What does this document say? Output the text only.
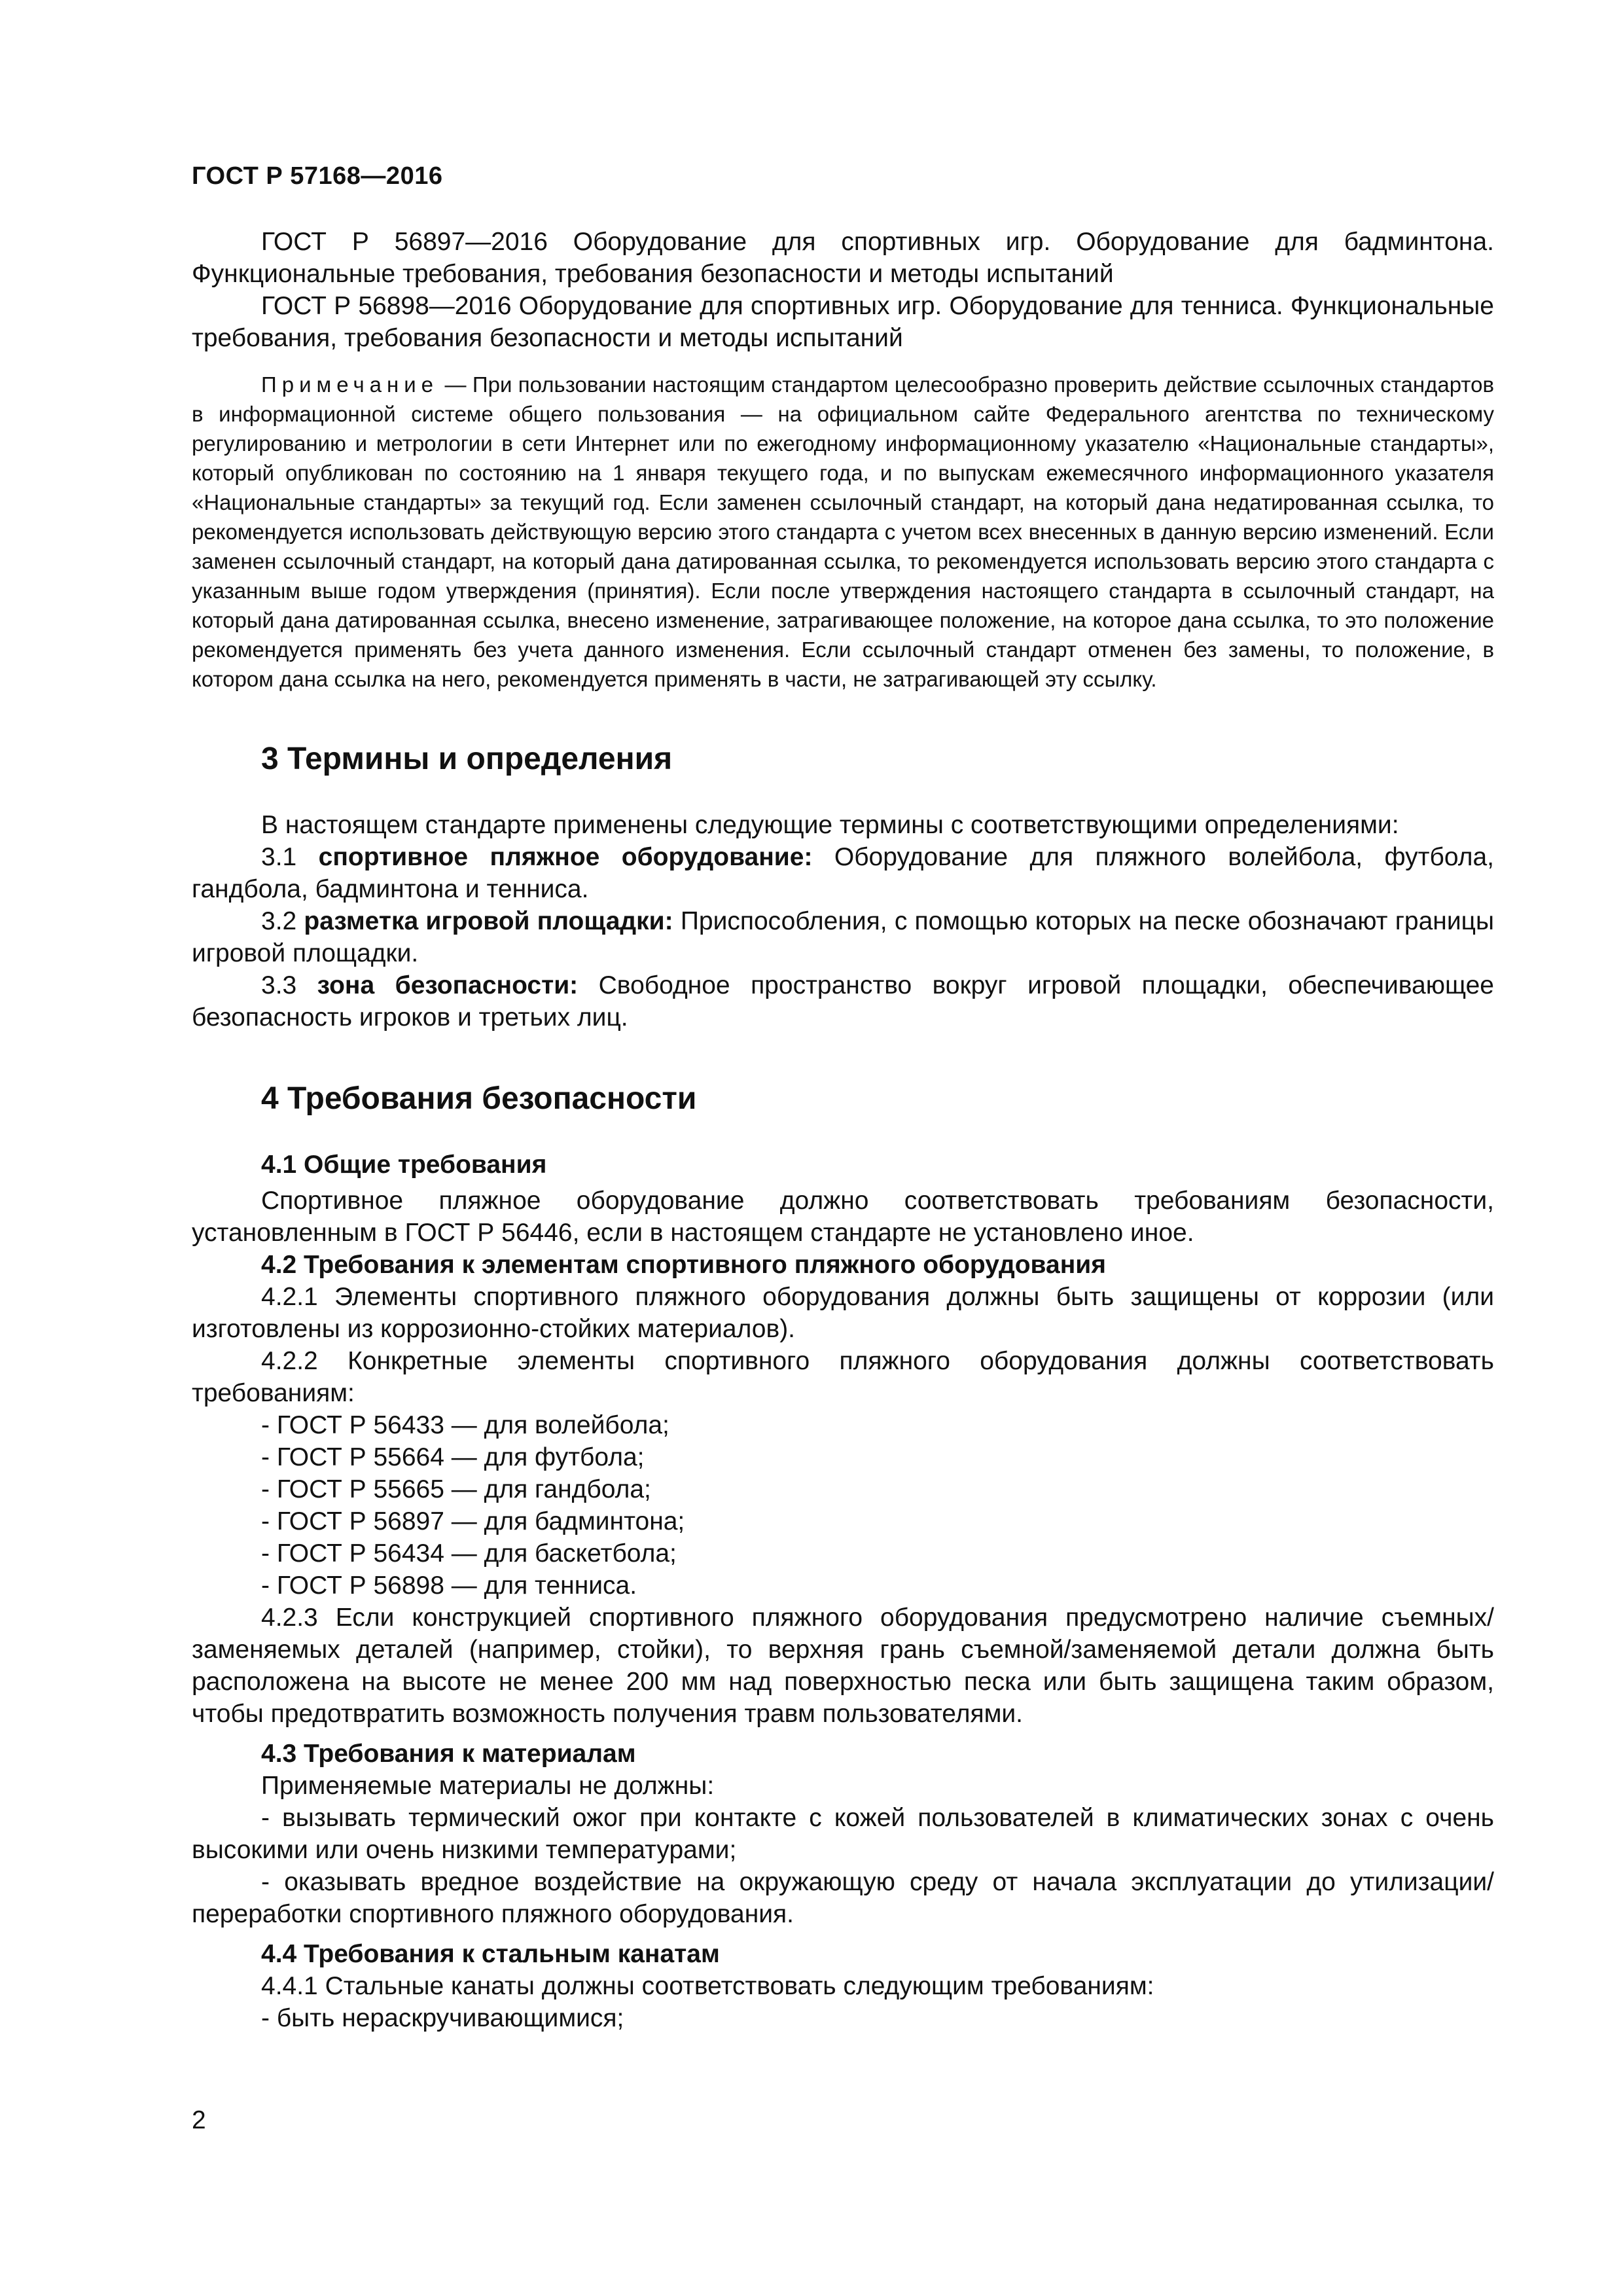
ГОСТ Р 57168—2016

ГОСТ Р 56897—2016 Оборудование для спортивных игр. Оборудование для бадминтона. Функциональные требования, требования безопасности и методы испытаний

ГОСТ Р 56898—2016 Оборудование для спортивных игр. Оборудование для тенниса. Функциональные требования, требования безопасности и методы испытаний

Примечание — При пользовании настоящим стандартом целесообразно проверить действие ссылочных стандартов в информационной системе общего пользования — на официальном сайте Федерального агентства по техническому регулированию и метрологии в сети Интернет или по ежегодному информационному указателю «Национальные стандарты», который опубликован по состоянию на 1 января текущего года, и по выпускам ежемесячного информационного указателя «Национальные стандарты» за текущий год. Если заменен ссылочный стандарт, на который дана недатированная ссылка, то рекомендуется использовать действующую версию этого стандарта с учетом всех внесенных в данную версию изменений. Если заменен ссылочный стандарт, на который дана датированная ссылка, то рекомендуется использовать версию этого стандарта с указанным выше годом утверждения (принятия). Если после утверждения настоящего стандарта в ссылочный стандарт, на который дана датированная ссылка, внесено изменение, затрагивающее положение, на которое дана ссылка, то это положение рекомендуется применять без учета данного изменения. Если ссылочный стандарт отменен без замены, то положение, в котором дана ссылка на него, рекомендуется применять в части, не затрагивающей эту ссылку.

3 Термины и определения

В настоящем стандарте применены следующие термины с соответствующими определениями:

3.1 спортивное пляжное оборудование: Оборудование для пляжного волейбола, футбола, гандбола, бадминтона и тенниса.

3.2 разметка игровой площадки: Приспособления, с помощью которых на песке обозначают границы игровой площадки.

3.3 зона безопасности: Свободное пространство вокруг игровой площадки, обеспечивающее безопасность игроков и третьих лиц.

4 Требования безопасности

4.1 Общие требования

Спортивное пляжное оборудование должно соответствовать требованиям безопасности, установленным в ГОСТ Р 56446, если в настоящем стандарте не установлено иное.

4.2 Требования к элементам спортивного пляжного оборудования

4.2.1 Элементы спортивного пляжного оборудования должны быть защищены от коррозии (или изготовлены из коррозионно-стойких материалов).

4.2.2 Конкретные элементы спортивного пляжного оборудования должны соответствовать требованиям:

- ГОСТ Р 56433 — для волейбола;

- ГОСТ Р 55664 — для футбола;

- ГОСТ Р 55665 — для гандбола;

- ГОСТ Р 56897 — для бадминтона;

- ГОСТ Р 56434 — для баскетбола;

- ГОСТ Р 56898 — для тенниса.

4.2.3 Если конструкцией спортивного пляжного оборудования предусмотрено наличие съемных/заменяемых деталей (например, стойки), то верхняя грань съемной/заменяемой детали должна быть расположена на высоте не менее 200 мм над поверхностью песка или быть защищена таким образом, чтобы предотвратить возможность получения травм пользователями.

4.3 Требования к материалам

Применяемые материалы не должны:

- вызывать термический ожог при контакте с кожей пользователей в климатических зонах с очень высокими или очень низкими температурами;

- оказывать вредное воздействие на окружающую среду от начала эксплуатации до утилизации/переработки спортивного пляжного оборудования.

4.4 Требования к стальным канатам

4.4.1 Стальные канаты должны соответствовать следующим требованиям:

- быть нераскручивающимися;

2
